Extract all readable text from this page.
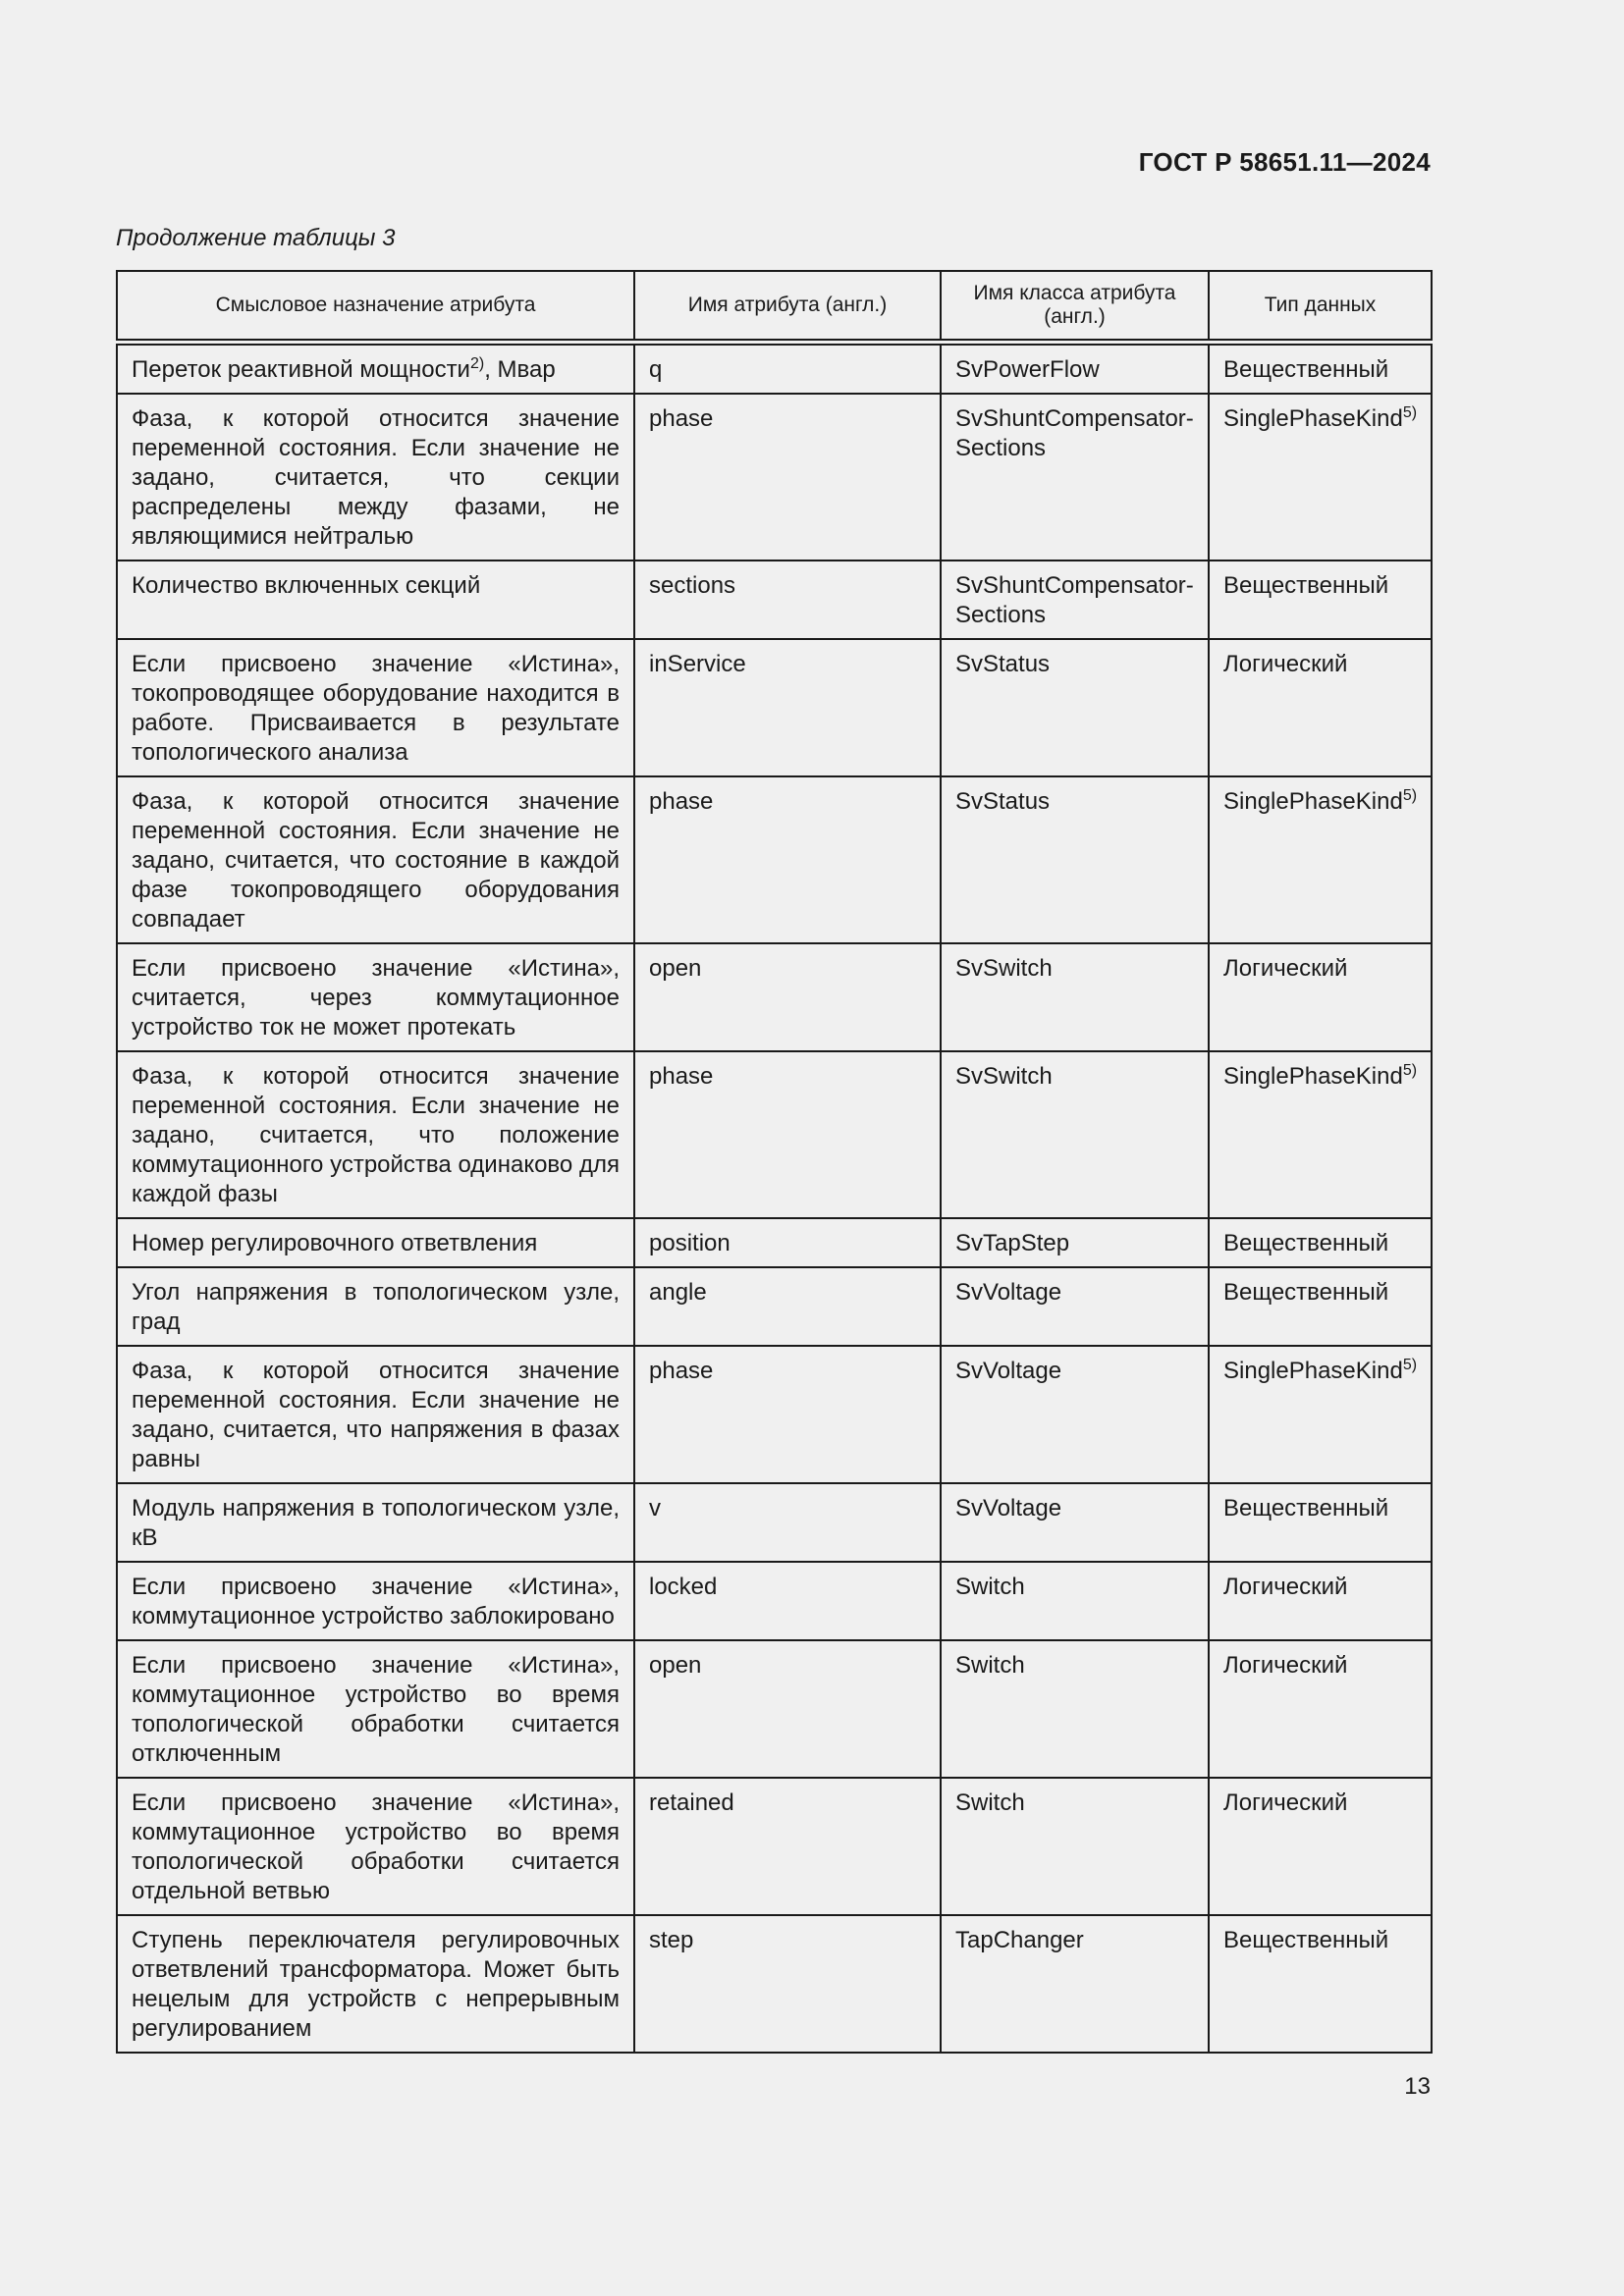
ГОСТ Р 58651.11—2024
Продолжение таблицы 3
Смысловое назначение атрибута	Имя атрибута (англ.)	Имя класса атрибута (англ.)	Тип данных
Переток реактивной мощности$^{2)}$, Мвар	q	SvPowerFlow	Вещественный
Фаза, к которой относится значение переменной состояния. Если значение не задано, считается, что секции распределены между фазами, не являющимися нейтралью	phase	SvShuntCompensator-Sections	SinglePhaseKind$^{5)}$
Количество включенных секций	sections	SvShuntCompensator-Sections	Вещественный
Если присвоено значение «Истина», токопроводящее оборудование находится в работе. Присваивается в результате топологического анализа	inService	SvStatus	Логический
Фаза, к которой относится значение переменной состояния. Если значение не задано, считается, что состояние в каждой фазе токопроводящего оборудования совпадает	phase	SvStatus	SinglePhaseKind$^{5)}$
Если присвоено значение «Истина», считается, через коммутационное устройство ток не может протекать	open	SvSwitch	Логический
Фаза, к которой относится значение переменной состояния. Если значение не задано, считается, что положение коммутационного устройства одинаково для каждой фазы	phase	SvSwitch	SinglePhaseKind$^{5)}$
Номер регулировочного ответвления	position	SvTapStep	Вещественный
Угол напряжения в топологическом узле, град	angle	SvVoltage	Вещественный
Фаза, к которой относится значение переменной состояния. Если значение не задано, считается, что напряжения в фазах равны	phase	SvVoltage	SinglePhaseKind$^{5)}$
Модуль напряжения в топологическом узле, кВ	v	SvVoltage	Вещественный
Если присвоено значение «Истина», коммутационное устройство заблокировано	locked	Switch	Логический
Если присвоено значение «Истина», коммутационное устройство во время топологической обработки считается отключенным	open	Switch	Логический
Если присвоено значение «Истина», коммутационное устройство во время топологической обработки считается отдельной ветвью	retained	Switch	Логический
Ступень переключателя регулировочных ответвлений трансформатора. Может быть нецелым для устройств с непрерывным регулированием	step	TapChanger	Вещественный
13
